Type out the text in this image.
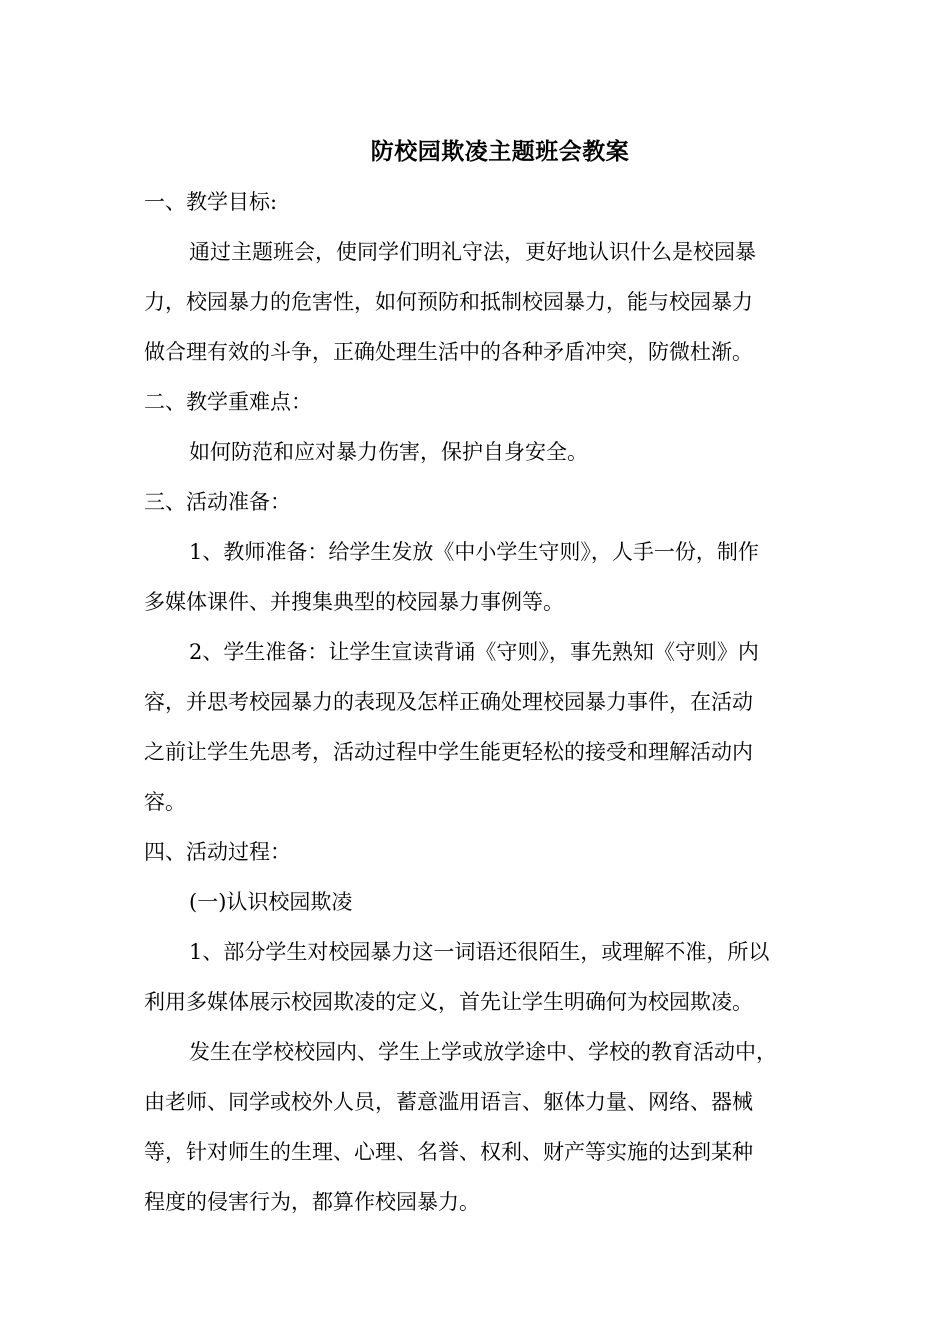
防校园欺凌主题班会教案
一、教学目标:
通过主题班会，使同学们明礼守法，更好地认识什么是校园暴
力，校园暴力的危害性，如何预防和抵制校园暴力，能与校园暴力
做合理有效的斗争，正确处理生活中的各种矛盾冲突，防微杜渐。
二、教学重难点：
如何防范和应对暴力伤害，保护自身安全。
三、活动准备：
1、教师准备：给学生发放《中小学生守则》，人手一份，制作
多媒体课件、并搜集典型的校园暴力事例等。
2、学生准备：让学生宣读背诵《守则》，事先熟知《守则》内
容，并思考校园暴力的表现及怎样正确处理校园暴力事件，在活动
之前让学生先思考，活动过程中学生能更轻松的接受和理解活动内
容。
四、活动过程：
(一)认识校园欺凌
1、部分学生对校园暴力这一词语还很陌生，或理解不准，所以
利用多媒体展示校园欺凌的定义，首先让学生明确何为校园欺凌。
发生在学校校园内、学生上学或放学途中、学校的教育活动中，
由老师、同学或校外人员，蓄意滥用语言、躯体力量、网络、器械
等，针对师生的生理、心理、名誉、权利、财产等实施的达到某种
程度的侵害行为，都算作校园暴力。
